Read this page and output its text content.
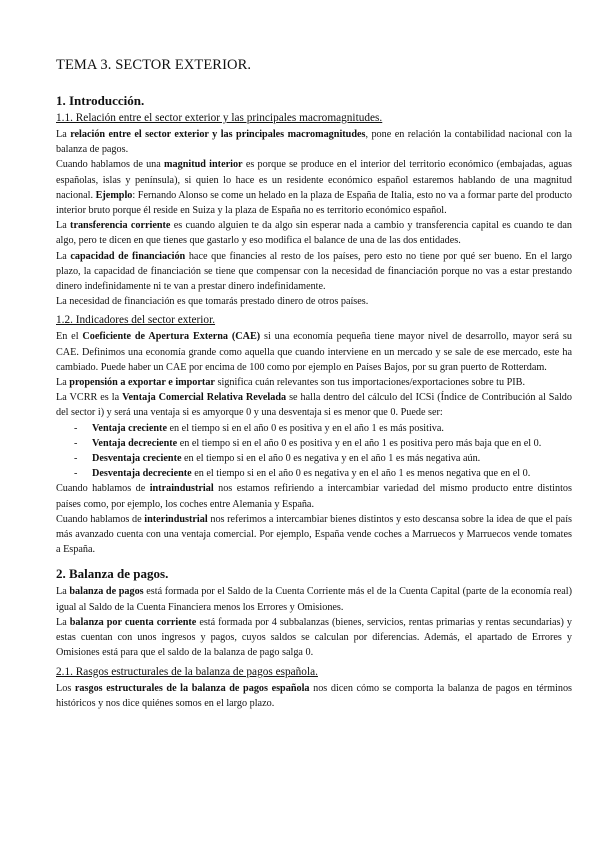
TEMA 3. SECTOR EXTERIOR.
1. Introducción.
1.1. Relación entre el sector exterior y las principales macromagnitudes.

La relación entre el sector exterior y las principales macromagnitudes, pone en relación la contabilidad nacional con la balanza de pagos.

Cuando hablamos de una magnitud interior es porque se produce en el interior del territorio económico (embajadas, aguas españolas, islas y península), si quien lo hace es un residente económico español estaremos hablando de una magnitud nacional. Ejemplo: Fernando Alonso se come un helado en la plaza de España de Italia, esto no va a formar parte del producto interior bruto porque él reside en Suiza y la plaza de España no es territorio económico español.

La transferencia corriente es cuando alguien te da algo sin esperar nada a cambio y transferencia capital es cuando te dan algo, pero te dicen en que tienes que gastarlo y eso modifica el balance de una de las dos entidades.

La capacidad de financiación hace que financies al resto de los países, pero esto no tiene por qué ser bueno. En el largo plazo, la capacidad de financiación se tiene que compensar con la necesidad de financiación porque no vas a estar prestando dinero indefinidamente ni te van a prestar dinero indefinidamente.

La necesidad de financiación es que tomarás prestado dinero de otros países.

1.2. Indicadores del sector exterior.

En el Coeficiente de Apertura Externa (CAE) si una economía pequeña tiene mayor nivel de desarrollo, mayor será su CAE. Definimos una economía grande como aquella que cuando interviene en un mercado y se sale de ese mercado, este ha cambiado. Puede haber un CAE por encima de 100 como por ejemplo en Países Bajos, por su gran puerto de Rotterdam.

La propensión a exportar e importar significa cuán relevantes son tus importaciones/exportaciones sobre tu PIB.

La VCRR es la Ventaja Comercial Relativa Revelada se halla dentro del cálculo del ICSi (Índice de Contribución al Saldo del sector i) y será una ventaja si es amyorque 0 y una desventaja si es menor que 0. Puede ser:

- Ventaja creciente en el tiempo si en el año 0 es positiva y en el año 1 es más positiva.
- Ventaja decreciente en el tiempo si en el año 0 es positiva y en el año 1 es positiva pero más baja que en el 0.
- Desventaja creciente en el tiempo si en el año 0 es negativa y en el año 1 es más negativa aún.
- Desventaja decreciente en el tiempo si en el año 0 es negativa y en el año 1 es menos negativa que en el 0.

Cuando hablamos de intraindustrial nos estamos refiriendo a intercambiar variedad del mismo producto entre distintos países como, por ejemplo, los coches entre Alemania y España.

Cuando hablamos de interindustrial nos referimos a intercambiar bienes distintos y esto descansa sobre la idea de que el país más avanzado cuenta con una ventaja comercial. Por ejemplo, España vende coches a Marruecos y Marruecos vende tomates a España.

2. Balanza de pagos.

La balanza de pagos está formada por el Saldo de la Cuenta Corriente más el de la Cuenta Capital (parte de la economía real) igual al Saldo de la Cuenta Financiera menos los Errores y Omisiones.

La balanza por cuenta corriente está formada por 4 subbalanzas (bienes, servicios, rentas primarias y rentas secundarias) y estas cuentan con unos ingresos y pagos, cuyos saldos se calculan por diferencias. Además, el apartado de Errores y Omisiones está para que el saldo de la balanza de pago salga 0.

2.1. Rasgos estructurales de la balanza de pagos española.

Los rasgos estructurales de la balanza de pagos española nos dicen cómo se comporta la balanza de pagos en términos históricos y nos dice quiénes somos en el largo plazo.
